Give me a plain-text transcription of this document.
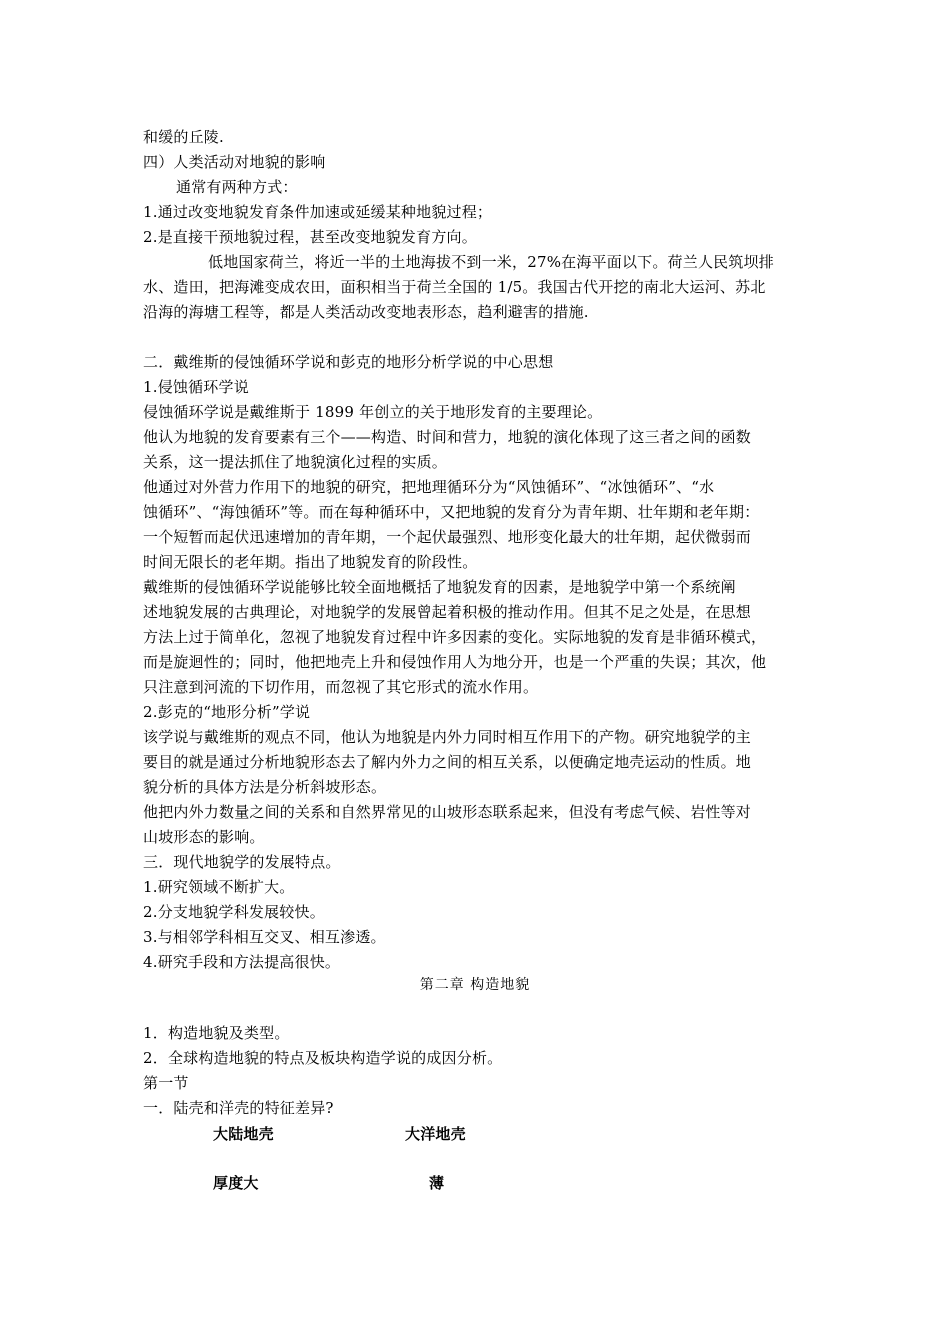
和缓的丘陵.
四）人类活动对地貌的影响
通常有两种方式：
1.通过改变地貌发育条件加速或延缓某种地貌过程；
2.是直接干预地貌过程，甚至改变地貌发育方向。
低地国家荷兰，将近一半的土地海拔不到一米，27%在海平面以下。荷兰人民筑坝排
水、造田，把海滩变成农田，面积相当于荷兰全国的 1/5。我国古代开挖的南北大运河、苏北
沿海的海塘工程等，都是人类活动改变地表形态，趋利避害的措施.
二．戴维斯的侵蚀循环学说和彭克的地形分析学说的中心思想
1.侵蚀循环学说
侵蚀循环学说是戴维斯于 1899 年创立的关于地形发育的主要理论。
他认为地貌的发育要素有三个——构造、时间和营力，地貌的演化体现了这三者之间的函数
关系，这一提法抓住了地貌演化过程的实质。
他通过对外营力作用下的地貌的研究，把地理循环分为“风蚀循环”、“冰蚀循环”、“水
蚀循环”、“海蚀循环”等。而在每种循环中，又把地貌的发育分为青年期、壮年期和老年期：
一个短暂而起伏迅速增加的青年期，一个起伏最强烈、地形变化最大的壮年期，起伏微弱而
时间无限长的老年期。指出了地貌发育的阶段性。
戴维斯的侵蚀循环学说能够比较全面地概括了地貌发育的因素，是地貌学中第一个系统阐
述地貌发展的古典理论，对地貌学的发展曾起着积极的推动作用。但其不足之处是，在思想
方法上过于简单化，忽视了地貌发育过程中许多因素的变化。实际地貌的发育是非循环模式，
而是旋迴性的；同时，他把地壳上升和侵蚀作用人为地分开，也是一个严重的失误；其次，他
只注意到河流的下切作用，而忽视了其它形式的流水作用。
2.彭克的“地形分析”学说
该学说与戴维斯的观点不同，他认为地貌是内外力同时相互作用下的产物。研究地貌学的主
要目的就是通过分析地貌形态去了解内外力之间的相互关系，以便确定地壳运动的性质。地
貌分析的具体方法是分析斜坡形态。
他把内外力数量之间的关系和自然界常见的山坡形态联系起来，但没有考虑气候、岩性等对
山坡形态的影响。
三．现代地貌学的发展特点。
1.研究领域不断扩大。
2.分支地貌学科发展较快。
3.与相邻学科相互交叉、相互渗透。
4.研究手段和方法提高很快。
第二章 构造地貌
1．构造地貌及类型。
2．全球构造地貌的特点及板块构造学说的成因分析。
第一节
一．陆壳和洋壳的特征差异?
大陆地壳	大洋地壳
厚度大	薄
